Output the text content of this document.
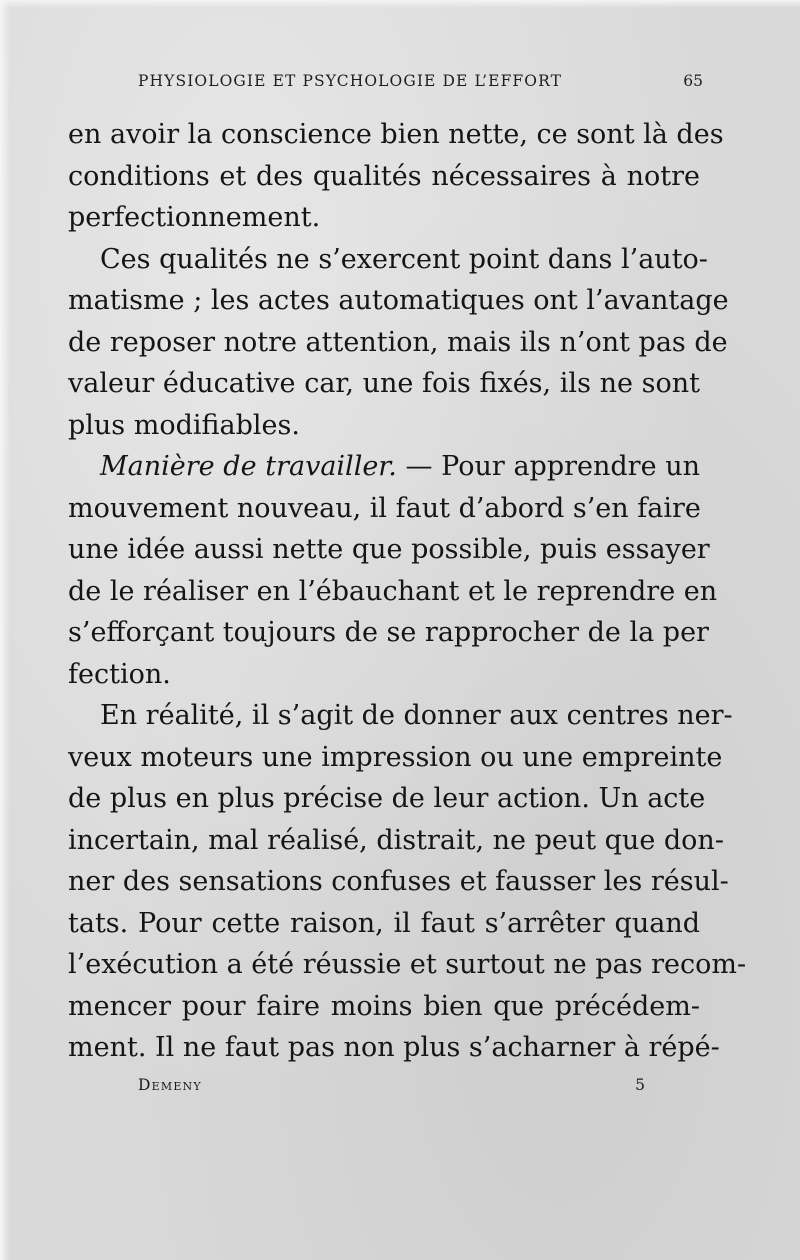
PHYSIOLOGIE ET PSYCHOLOGIE DE L’EFFORT	65
en avoir la conscience bien nette, ce sont là des
conditions et des qualités nécessaires à notre
perfectionnement.
Ces qualités ne s’exercent point dans l’auto-
matisme ; les actes automatiques ont l’avantage
de reposer notre attention, mais ils n’ont pas de
valeur éducative car, une fois fixés, ils ne sont
plus modifiables.
Manière de travailler. — Pour apprendre un
mouvement nouveau, il faut d’abord s’en faire
une idée aussi nette que possible, puis essayer
de le réaliser en l’ébauchant et le reprendre en
s’efforçant toujours de se rapprocher de la per
fection.
En réalité, il s’agit de donner aux centres ner-
veux moteurs une impression ou une empreinte
de plus en plus précise de leur action. Un acte
incertain, mal réalisé, distrait, ne peut que don-
ner des sensations confuses et fausser les résul-
tats. Pour cette raison, il faut s’arrêter quand
l’exécution a été réussie et surtout ne pas recom-
mencer pour faire moins bien que précédem-
ment. Il ne faut pas non plus s’acharner à répé-
Demeny	5
